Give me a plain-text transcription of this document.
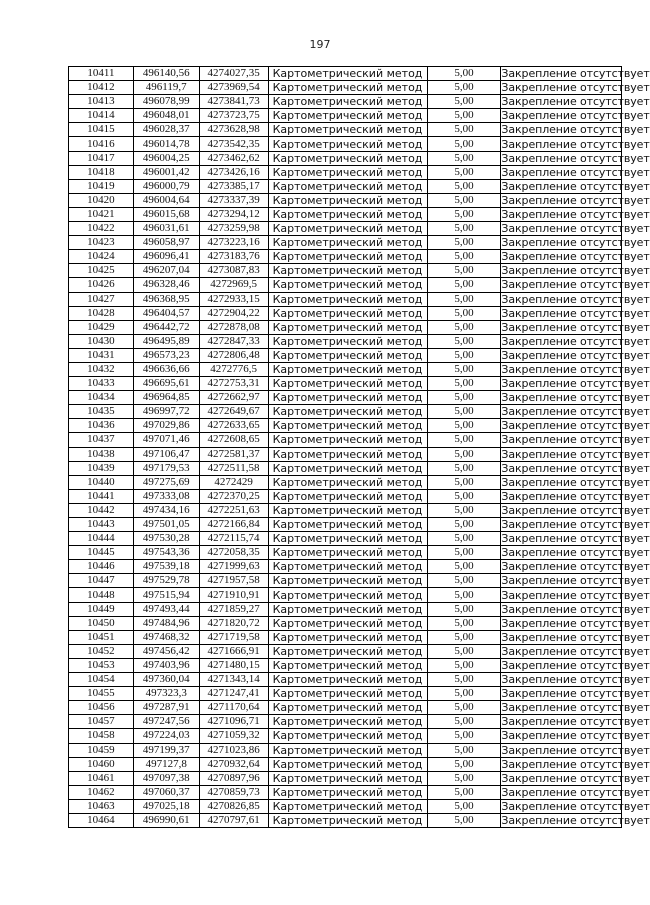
197
10411	496140,56	4274027,35	Картометрический метод	5,00	Закрепление отсутствует
10412	496119,7	4273969,54	Картометрический метод	5,00	Закрепление отсутствует
10413	496078,99	4273841,73	Картометрический метод	5,00	Закрепление отсутствует
10414	496048,01	4273723,75	Картометрический метод	5,00	Закрепление отсутствует
10415	496028,37	4273628,98	Картометрический метод	5,00	Закрепление отсутствует
10416	496014,78	4273542,35	Картометрический метод	5,00	Закрепление отсутствует
10417	496004,25	4273462,62	Картометрический метод	5,00	Закрепление отсутствует
10418	496001,42	4273426,16	Картометрический метод	5,00	Закрепление отсутствует
10419	496000,79	4273385,17	Картометрический метод	5,00	Закрепление отсутствует
10420	496004,64	4273337,39	Картометрический метод	5,00	Закрепление отсутствует
10421	496015,68	4273294,12	Картометрический метод	5,00	Закрепление отсутствует
10422	496031,61	4273259,98	Картометрический метод	5,00	Закрепление отсутствует
10423	496058,97	4273223,16	Картометрический метод	5,00	Закрепление отсутствует
10424	496096,41	4273183,76	Картометрический метод	5,00	Закрепление отсутствует
10425	496207,04	4273087,83	Картометрический метод	5,00	Закрепление отсутствует
10426	496328,46	4272969,5	Картометрический метод	5,00	Закрепление отсутствует
10427	496368,95	4272933,15	Картометрический метод	5,00	Закрепление отсутствует
10428	496404,57	4272904,22	Картометрический метод	5,00	Закрепление отсутствует
10429	496442,72	4272878,08	Картометрический метод	5,00	Закрепление отсутствует
10430	496495,89	4272847,33	Картометрический метод	5,00	Закрепление отсутствует
10431	496573,23	4272806,48	Картометрический метод	5,00	Закрепление отсутствует
10432	496636,66	4272776,5	Картометрический метод	5,00	Закрепление отсутствует
10433	496695,61	4272753,31	Картометрический метод	5,00	Закрепление отсутствует
10434	496964,85	4272662,97	Картометрический метод	5,00	Закрепление отсутствует
10435	496997,72	4272649,67	Картометрический метод	5,00	Закрепление отсутствует
10436	497029,86	4272633,65	Картометрический метод	5,00	Закрепление отсутствует
10437	497071,46	4272608,65	Картометрический метод	5,00	Закрепление отсутствует
10438	497106,47	4272581,37	Картометрический метод	5,00	Закрепление отсутствует
10439	497179,53	4272511,58	Картометрический метод	5,00	Закрепление отсутствует
10440	497275,69	4272429	Картометрический метод	5,00	Закрепление отсутствует
10441	497333,08	4272370,25	Картометрический метод	5,00	Закрепление отсутствует
10442	497434,16	4272251,63	Картометрический метод	5,00	Закрепление отсутствует
10443	497501,05	4272166,84	Картометрический метод	5,00	Закрепление отсутствует
10444	497530,28	4272115,74	Картометрический метод	5,00	Закрепление отсутствует
10445	497543,36	4272058,35	Картометрический метод	5,00	Закрепление отсутствует
10446	497539,18	4271999,63	Картометрический метод	5,00	Закрепление отсутствует
10447	497529,78	4271957,58	Картометрический метод	5,00	Закрепление отсутствует
10448	497515,94	4271910,91	Картометрический метод	5,00	Закрепление отсутствует
10449	497493,44	4271859,27	Картометрический метод	5,00	Закрепление отсутствует
10450	497484,96	4271820,72	Картометрический метод	5,00	Закрепление отсутствует
10451	497468,32	4271719,58	Картометрический метод	5,00	Закрепление отсутствует
10452	497456,42	4271666,91	Картометрический метод	5,00	Закрепление отсутствует
10453	497403,96	4271480,15	Картометрический метод	5,00	Закрепление отсутствует
10454	497360,04	4271343,14	Картометрический метод	5,00	Закрепление отсутствует
10455	497323,3	4271247,41	Картометрический метод	5,00	Закрепление отсутствует
10456	497287,91	4271170,64	Картометрический метод	5,00	Закрепление отсутствует
10457	497247,56	4271096,71	Картометрический метод	5,00	Закрепление отсутствует
10458	497224,03	4271059,32	Картометрический метод	5,00	Закрепление отсутствует
10459	497199,37	4271023,86	Картометрический метод	5,00	Закрепление отсутствует
10460	497127,8	4270932,64	Картометрический метод	5,00	Закрепление отсутствует
10461	497097,38	4270897,96	Картометрический метод	5,00	Закрепление отсутствует
10462	497060,37	4270859,73	Картометрический метод	5,00	Закрепление отсутствует
10463	497025,18	4270826,85	Картометрический метод	5,00	Закрепление отсутствует
10464	496990,61	4270797,61	Картометрический метод	5,00	Закрепление отсутствует
